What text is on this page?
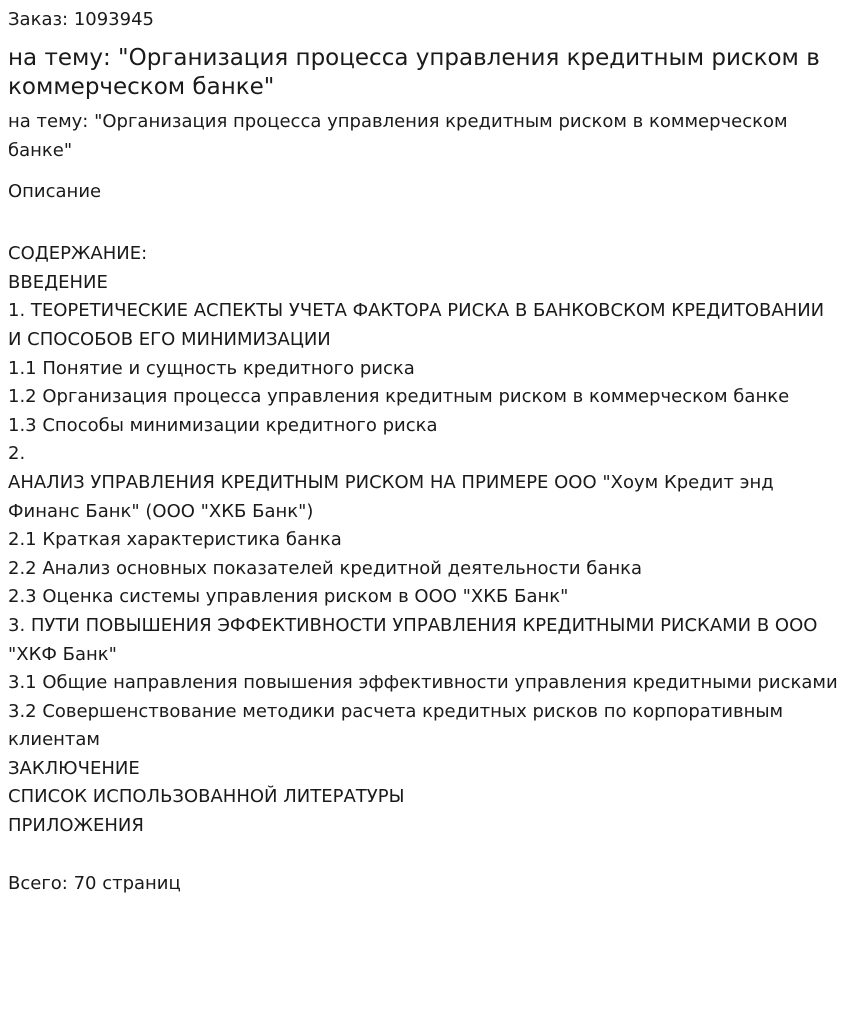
Заказ: 1093945

на тему: "Организация процесса управления кредитным риском в коммерческом банке"

на тему: "Организация процесса управления кредитным риском в коммерческом банке"

Описание

СОДЕРЖАНИЕ:
ВВЕДЕНИЕ
1. ТЕОРЕТИЧЕСКИЕ АСПЕКТЫ УЧЕТА ФАКТОРА РИСКА В БАНКОВСКОМ КРЕДИТОВАНИИ И СПОСОБОВ ЕГО МИНИМИЗАЦИИ
1.1 Понятие и сущность кредитного риска
1.2 Организация процесса управления кредитным риском в коммерческом банке
1.3 Способы минимизации кредитного риска
2.
АНАЛИЗ УПРАВЛЕНИЯ КРЕДИТНЫМ РИСКОМ НА ПРИМЕРЕ ООО "Хоум Кредит энд Финанс Банк" (ООО "ХКБ Банк")
2.1 Краткая характеристика банка
2.2 Анализ основных показателей кредитной деятельности банка
2.3 Оценка системы управления риском в ООО "ХКБ Банк"
3. ПУТИ ПОВЫШЕНИЯ ЭФФЕКТИВНОСТИ УПРАВЛЕНИЯ КРЕДИТНЫМИ РИСКАМИ В ООО "ХКФ Банк"
3.1 Общие направления повышения эффективности управления кредитными рисками
3.2 Совершенствование методики расчета кредитных рисков по корпоративным клиентам
ЗАКЛЮЧЕНИЕ
СПИСОК ИСПОЛЬЗОВАННОЙ ЛИТЕРАТУРЫ
ПРИЛОЖЕНИЯ

Всего: 70 страниц
